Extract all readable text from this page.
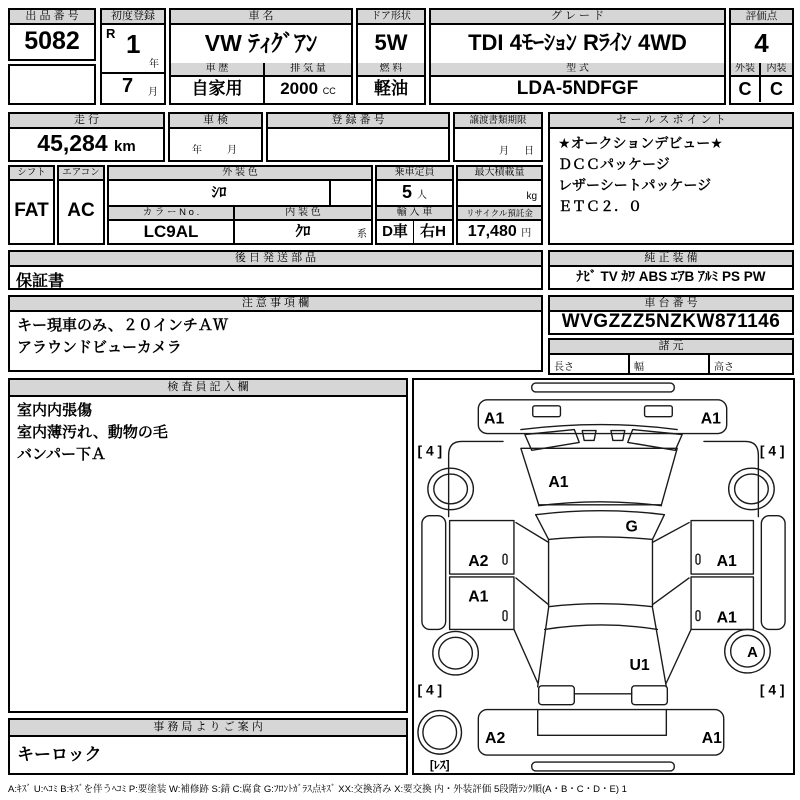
出 品 番 号
5082
初度登録
R 1
年
7 月
車 名
VW ﾃｨｸﾞｱﾝ
車 歴
自家用
排 気 量
2000 CC
ドア形状
5W
燃 料
軽油
グ レ ー ド
TDI 4ﾓｰｼｮﾝ Rﾗｲﾝ 4WD
型 式
LDA-5NDFGF
評価点
4
外装	内装
C	C
走 行
45,284 km
車 検
年	月
登 録 番 号	譲渡書類期限
月 日
シフト
FAT
エアコン
AC
外 装 色
ｼﾛ
カ ラ ー N o .	内 装 色
LC9AL	ｸﾛ	系
乗車定員
5 人
輸 入 車
D車 右H
最大積載量
kg
リサイクル預託金
17,480 円
セ ー ル ス ポ イ ン ト
★オークションデビュー★
ＤＣＣパッケージ
レザーシートパッケージ
ＥＴＣ２．０
純 正 装 備
ﾅﾋﾞ TV ｶﾜ ABS ｴｱB ｱﾙﾐ PS PW
車 台 番 号
WVGZZZ5NZKW871146
諸 元
長さ	幅	高さ
後 日 発 送 部 品
保証書
注 意 事 項 欄
キー現車のみ、２０インチＡＷ
アラウンドビューカメラ
検 査 員 記 入 欄
室内内張傷
室内薄汚れ、動物の毛
バンパー下Ａ
事 務 局 よ り ご 案 内
キーロック
A1	A1
A1
G
A2
A1
A1
A1
U1
A
A2	A1
[ 4 ]	[ 4 ]
[ 4 ]	[ 4 ]
[ﾚｽ]
A:ｷｽﾞ U:ﾍｺﾐ B:ｷｽﾞを伴うﾍｺﾐ P:要塗装 W:補修跡 S:錆 C:腐食 G:ﾌﾛﾝﾄｶﾞﾗｽ点ｷｽﾞ XX:交換済み X:要交換 内・外装評価 5段階ﾗﾝｸ順(A・B・C・D・E) 1
